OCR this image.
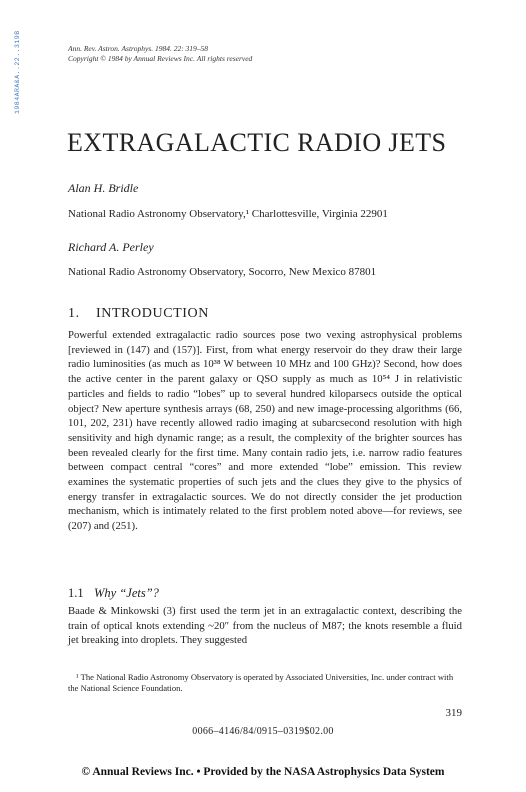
1984ARA&A..22..319B	Ann. Rev. Astron. Astrophys. 1984. 22: 319–58
Copyright © 1984 by Annual Reviews Inc. All rights reserved
EXTRAGALACTIC RADIO JETS
Alan H. Bridle
National Radio Astronomy Observatory,¹ Charlottesville, Virginia 22901
Richard A. Perley
National Radio Astronomy Observatory, Socorro, New Mexico 87801
1. INTRODUCTION

Powerful extended extragalactic radio sources pose two vexing astrophysical problems [reviewed in (147) and (157)]. First, from what energy reservoir do they draw their large radio luminosities (as much as 10³⁸ W between 10 MHz and 100 GHz)? Second, how does the active center in the parent galaxy or QSO supply as much as 10⁵⁴ J in relativistic particles and fields to radio “lobes” up to several hundred kiloparsecs outside the optical object? New aperture synthesis arrays (68, 250) and new image-processing algorithms (66, 101, 202, 231) have recently allowed radio imaging at subarcsecond resolution with high sensitivity and high dynamic range; as a result, the complexity of the brighter sources has been revealed clearly for the first time. Many contain radio jets, i.e. narrow radio features between compact central “cores” and more extended “lobe” emission. This review examines the systematic properties of such jets and the clues they give to the physics of energy transfer in extragalactic sources. We do not directly consider the jet production mechanism, which is intimately related to the first problem noted above—for reviews, see (207) and (251).

1.1 Why “Jets”?

Baade & Minkowski (3) first used the term jet in an extragalactic context, describing the train of optical knots extending ~20″ from the nucleus of M87; the knots resemble a fluid jet breaking into droplets. They suggested

¹ The National Radio Astronomy Observatory is operated by Associated Universities, Inc. under contract with the National Science Foundation.

319
0066–4146/84/0915–0319$02.00
© Annual Reviews Inc. • Provided by the NASA Astrophysics Data System
